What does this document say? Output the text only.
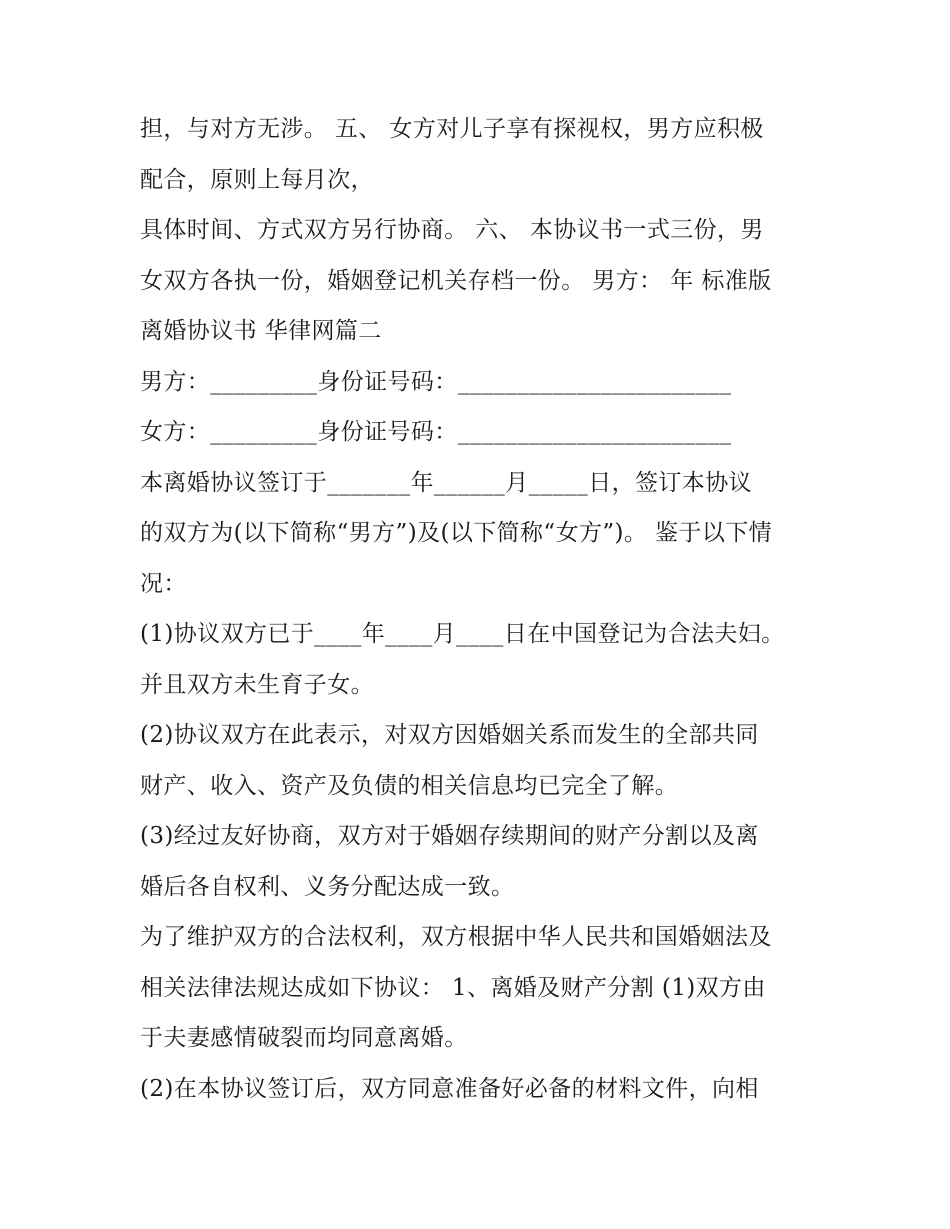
担，与对方无涉。 五、 女方对儿子享有探视权，男方应积极
配合，原则上每月次，
具体时间、方式双方另行协商。 六、 本协议书一式三份，男
女双方各执一份，婚姻登记机关存档一份。 男方： 年 标准版
离婚协议书 华律网篇二
男方：_________身份证号码：_______________________
女方：_________身份证号码：_______________________
本离婚协议签订于_______年______月_____日，签订本协议
的双方为(以下简称“男方”)及(以下简称“女方”)。 鉴于以下情
况：
(1)协议双方已于____年____月____日在中国登记为合法夫妇。
并且双方未生育子女。
(2)协议双方在此表示，对双方因婚姻关系而发生的全部共同
财产、收入、资产及负债的相关信息均已完全了解。
(3)经过友好协商，双方对于婚姻存续期间的财产分割以及离
婚后各自权利、义务分配达成一致。
为了维护双方的合法权利，双方根据中华人民共和国婚姻法及
相关法律法规达成如下协议： 1、离婚及财产分割 (1)双方由
于夫妻感情破裂而均同意离婚。
(2)在本协议签订后，双方同意准备好必备的材料文件，向相
